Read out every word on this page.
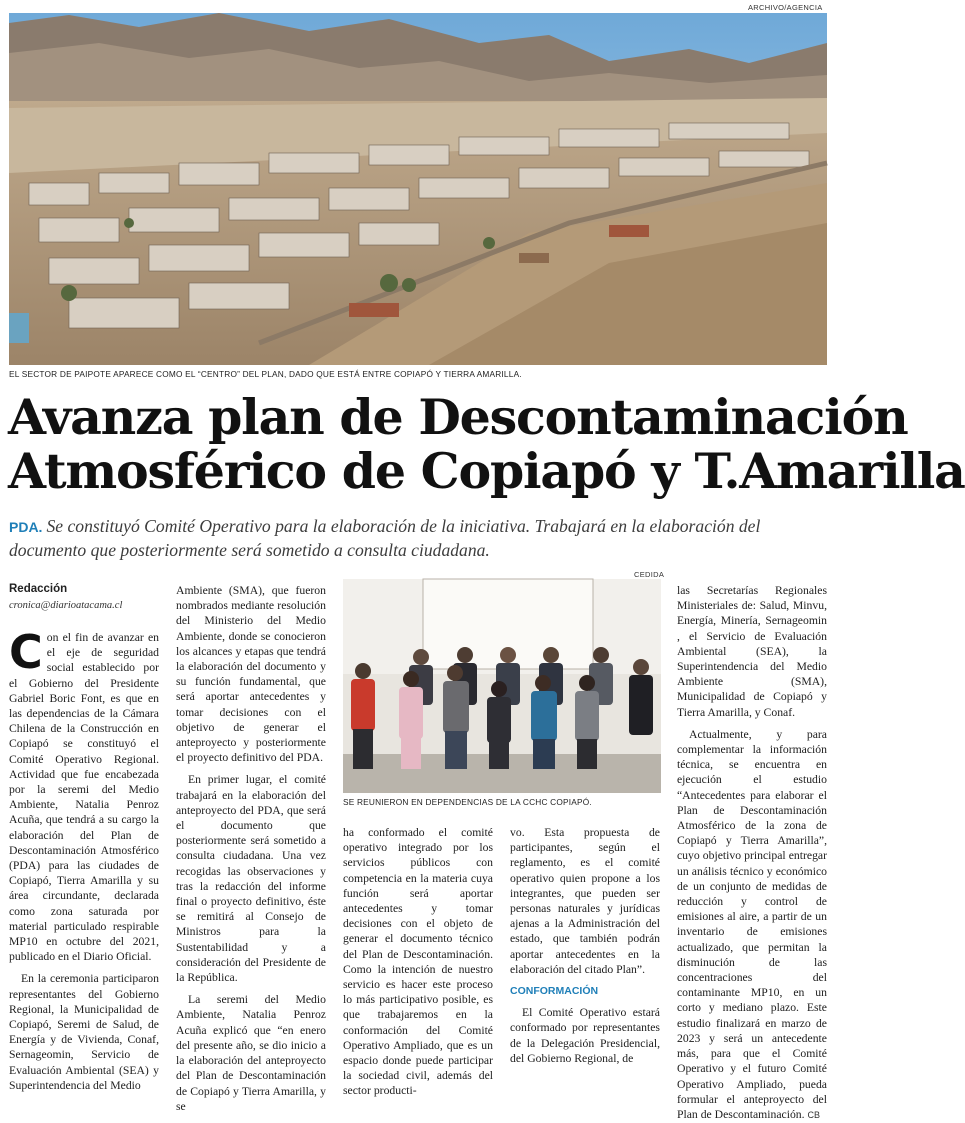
ARCHIVO/AGENCIA
EL SECTOR DE PAIPOTE APARECE COMO EL “CENTRO” DEL PLAN, DADO QUE ESTÁ ENTRE COPIAPÓ Y TIERRA AMARILLA.
Avanza plan de Descontaminación
Atmosférico de Copiapó y T.Amarilla
PDA. Se constituyó Comité Operativo para la elaboración de la iniciativa. Trabajará en la elaboración del documento que posteriormente será sometido a consulta ciudadana.
Redacción
cronica@diarioatacama.cl

Con el fin de avanzar en el eje de seguridad social establecido por el Gobierno del Presidente Gabriel Boric Font, es que en las dependencias de la Cámara Chilena de la Construcción en Copiapó se constituyó el Comité Operativo Regional. Actividad que fue encabezada por la seremi del Medio Ambiente, Natalia Penroz Acuña, que tendrá a su cargo la elaboración del Plan de Descontaminación Atmosférico (PDA) para las ciudades de Copiapó, Tierra Amarilla y su área circundante, declarada como zona saturada por material particulado respirable MP10 en octubre del 2021, publicado en el Diario Oficial.

En la ceremonia participaron representantes del Gobierno Regional, la Municipalidad de Copiapó, Seremi de Salud, de Energía y de Vivienda, Conaf, Sernageomin, Servicio de Evaluación Ambiental (SEA) y Superintendencia del Medio

Ambiente (SMA), que fueron nombrados mediante resolución del Ministerio del Medio Ambiente, donde se conocieron los alcances y etapas que tendrá la elaboración del documento y su función fundamental, que será aportar antecedentes y tomar decisiones con el objetivo de generar el anteproyecto y posteriormente el proyecto definitivo del PDA.

En primer lugar, el comité trabajará en la elaboración del anteproyecto del PDA, que será el documento que posteriormente será sometido a consulta ciudadana. Una vez recogidas las observaciones y tras la redacción del informe final o proyecto definitivo, éste se remitirá al Consejo de Ministros para la Sustentabilidad y a consideración del Presidente de la República.

La seremi del Medio Ambiente, Natalia Penroz Acuña explicó que “en enero del presente año, se dio inicio a la elaboración del anteproyecto del Plan de Descontaminación de Copiapó y Tierra Amarilla, y se

CEDIDA
SE REUNIERON EN DEPENDENCIAS DE LA CCHC COPIAPÓ.

ha conformado el comité operativo integrado por los servicios públicos con competencia en la materia cuya función será aportar antecedentes y tomar decisiones con el objeto de generar el documento técnico del Plan de Descontaminación. Como la intención de nuestro servicio es hacer este proceso lo más participativo posible, es que trabajaremos en la conformación del Comité Operativo Ampliado, que es un espacio donde puede participar la sociedad civil, además del sector producti-

vo. Esta propuesta de participantes, según el reglamento, es el comité operativo quien propone a los integrantes, que pueden ser personas naturales y jurídicas ajenas a la Administración del estado, que también podrán aportar antecedentes en la elaboración del citado Plan”.

CONFORMACIÓN

El Comité Operativo estará conformado por representantes de la Delegación Presidencial, del Gobierno Regional, de

las Secretarías Regionales Ministeriales de: Salud, Minvu, Energía, Minería, Sernageomin , el Servicio de Evaluación Ambiental (SEA), la Superintendencia del Medio Ambiente (SMA), Municipalidad de Copiapó y Tierra Amarilla, y Conaf.

Actualmente, y para complementar la información técnica, se encuentra en ejecución el estudio “Antecedentes para elaborar el Plan de Descontaminación Atmosférico de la zona de Copiapó y Tierra Amarilla”, cuyo objetivo principal entregar un análisis técnico y económico de un conjunto de medidas de reducción y control de emisiones al aire, a partir de un inventario de emisiones actualizado, que permitan la disminución de las concentraciones del contaminante MP10, en un corto y mediano plazo. Este estudio finalizará en marzo de 2023 y será un antecedente más, para que el Comité Operativo y el futuro Comité Operativo Ampliado, pueda formular el anteproyecto del Plan de Descontaminación. CB
